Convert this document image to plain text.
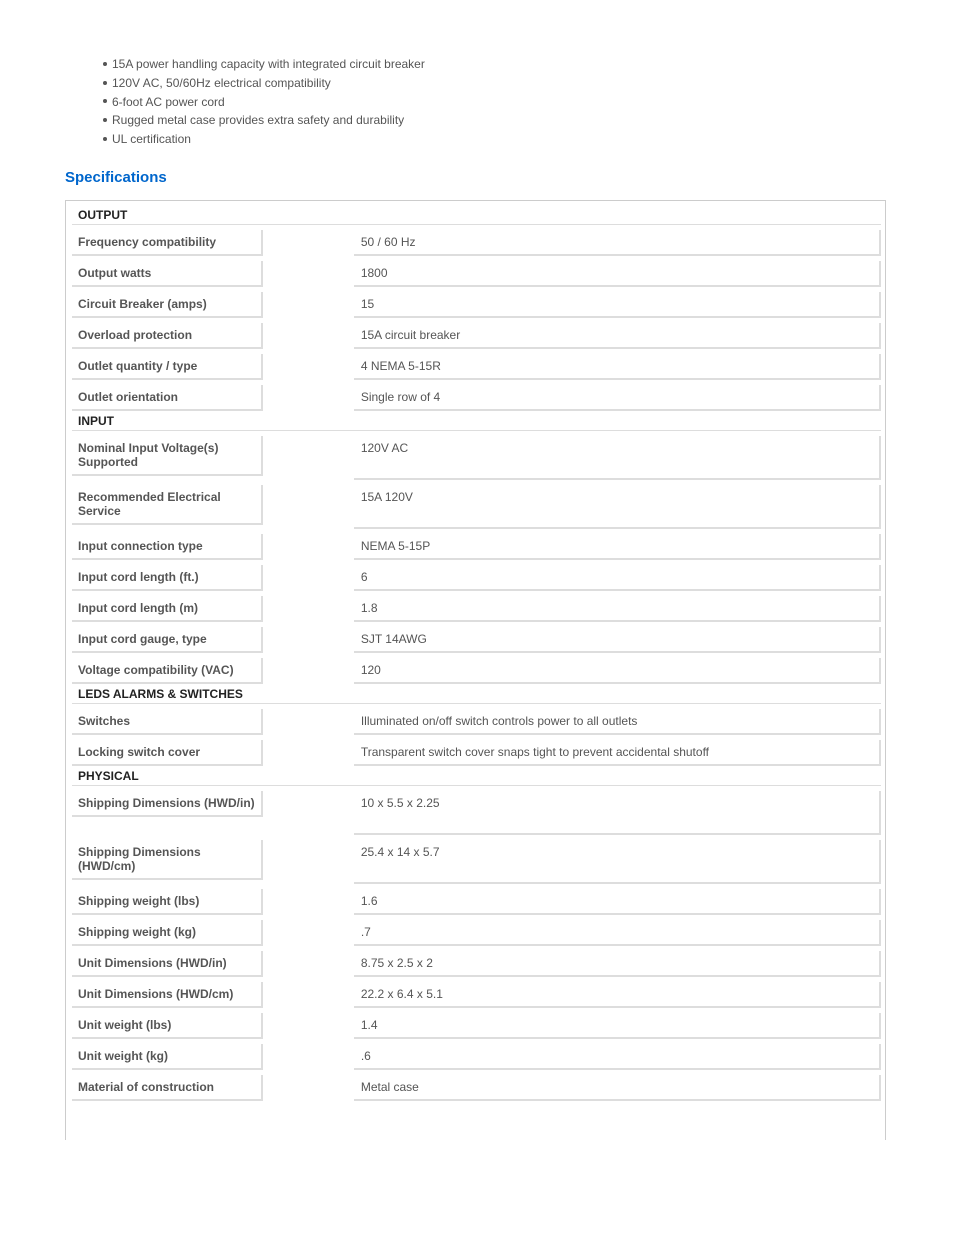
15A power handling capacity with integrated circuit breaker
120V AC, 50/60Hz electrical compatibility
6-foot AC power cord
Rugged metal case provides extra safety and durability
UL certification
Specifications
OUTPUT	

Frequency compatibility	50 / 60 Hz

Output watts	1800

Circuit Breaker (amps)	15

Overload protection	15A circuit breaker

Outlet quantity / type	4 NEMA 5-15R

Outlet orientation	Single row of 4

INPUT	

Nominal Input Voltage(s) Supported	120V AC

Recommended Electrical Service	15A 120V

Input connection type	NEMA 5-15P

Input cord length (ft.)	6

Input cord length (m)	1.8

Input cord gauge, type	SJT 14AWG

Voltage compatibility (VAC)	120

LEDS ALARMS & SWITCHES	

Switches	Illuminated on/off switch controls power to all outlets

Locking switch cover	Transparent switch cover snaps tight to prevent accidental shutoff

PHYSICAL	

Shipping Dimensions (HWD/in)	10 x 5.5 x 2.25

Shipping Dimensions (HWD/cm)	25.4 x 14 x 5.7

Shipping weight (lbs)	1.6

Shipping weight (kg)	.7

Unit Dimensions (HWD/in)	8.75 x 2.5 x 2

Unit Dimensions (HWD/cm)	22.2 x 6.4 x 5.1

Unit weight (lbs)	1.4

Unit weight (kg)	.6

Material of construction	Metal case
